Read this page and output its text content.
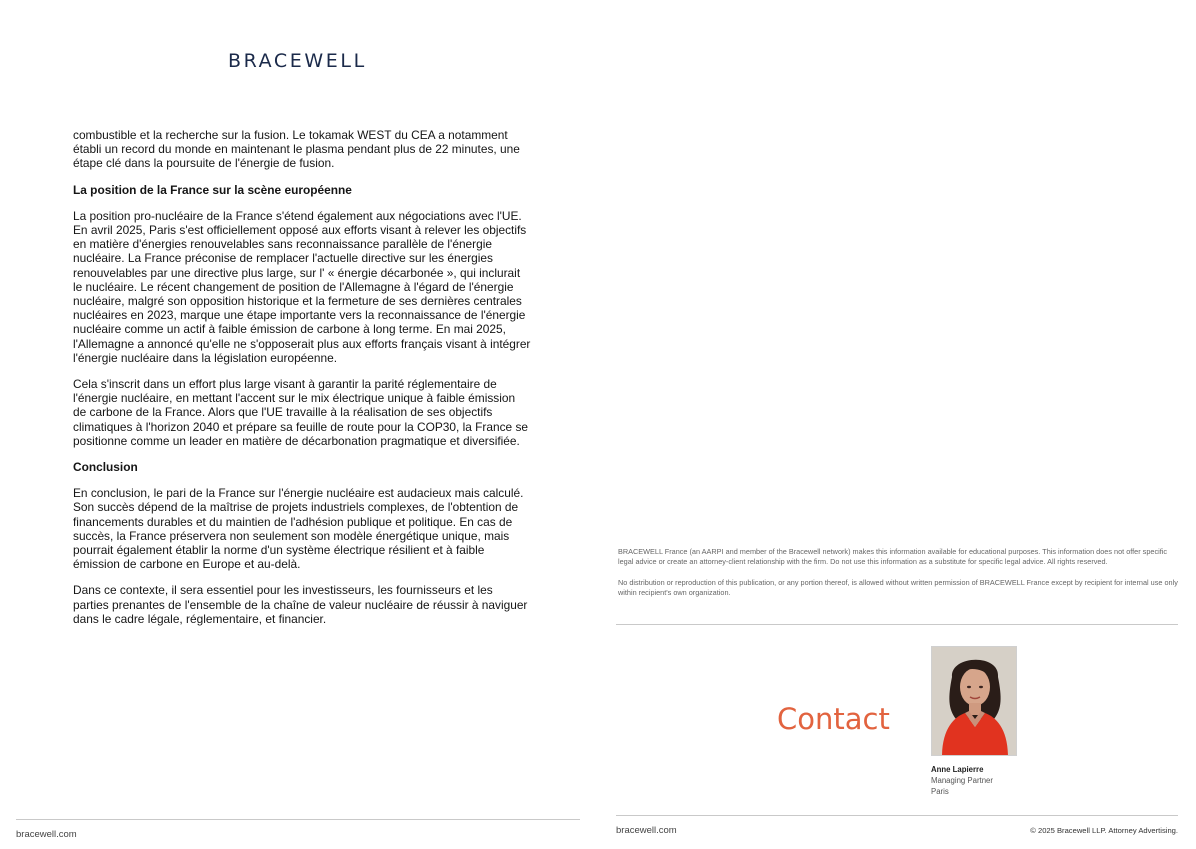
BRACEWELL

combustible et la recherche sur la fusion. Le tokamak WEST du CEA a notamment établi un record du monde en maintenant le plasma pendant plus de 22 minutes, une étape clé dans la poursuite de l'énergie de fusion.

La position de la France sur la scène européenne

La position pro-nucléaire de la France s'étend également aux négociations avec l'UE. En avril 2025, Paris s'est officiellement opposé aux efforts visant à relever les objectifs en matière d'énergies renouvelables sans reconnaissance parallèle de l'énergie nucléaire. La France préconise de remplacer l'actuelle directive sur les énergies renouvelables par une directive plus large, sur l' « énergie décarbonée », qui inclurait le nucléaire. Le récent changement de position de l'Allemagne à l'égard de l'énergie nucléaire, malgré son opposition historique et la fermeture de ses dernières centrales nucléaires en 2023, marque une étape importante vers la reconnaissance de l'énergie nucléaire comme un actif à faible émission de carbone à long terme. En mai 2025, l'Allemagne a annoncé qu'elle ne s'opposerait plus aux efforts français visant à intégrer l'énergie nucléaire dans la législation européenne.

Cela s'inscrit dans un effort plus large visant à garantir la parité réglementaire de l'énergie nucléaire, en mettant l'accent sur le mix électrique unique à faible émission de carbone de la France. Alors que l'UE travaille à la réalisation de ses objectifs climatiques à l'horizon 2040 et prépare sa feuille de route pour la COP30, la France se positionne comme un leader en matière de décarbonation pragmatique et diversifiée.

Conclusion

En conclusion, le pari de la France sur l'énergie nucléaire est audacieux mais calculé. Son succès dépend de la maîtrise de projets industriels complexes, de l'obtention de financements durables et du maintien de l'adhésion publique et politique. En cas de succès, la France préservera non seulement son modèle énergétique unique, mais pourrait également établir la norme d'un système électrique résilient et à faible émission de carbone en Europe et au-delà.

Dans ce contexte, il sera essentiel pour les investisseurs, les fournisseurs et les parties prenantes de l'ensemble de la chaîne de valeur nucléaire de réussir à naviguer dans le cadre légale, réglementaire, et financier.

bracewell.com

BRACEWELL France (an AARPI and member of the Bracewell network) makes this information available for educational purposes. This information does not offer specific legal advice or create an attorney-client relationship with the firm. Do not use this information as a substitute for specific legal advice. All rights reserved.

No distribution or reproduction of this publication, or any portion thereof, is allowed without written permission of BRACEWELL France except by recipient for internal use only within recipient's own organization.

Contact
Anne Lapierre
Managing Partner
Paris
bracewell.com	© 2025 Bracewell LLP. Attorney Advertising.
